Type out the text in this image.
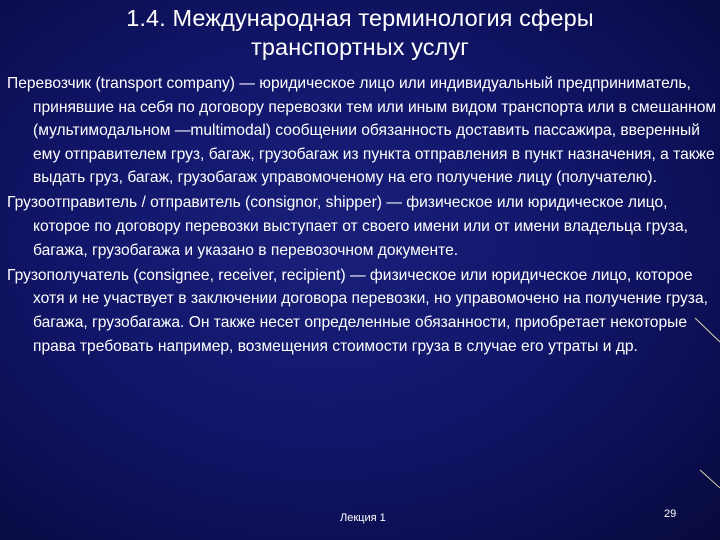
1.4. Международная терминология сферы
транспортных услуг

Перевозчик (transport company) — юридическое лицо или индивидуальный предприниматель, принявшие на себя по договору перевозки тем или иным видом транспорта или в смешанном (мультимодальном —multimodal) сообщении обязанность доставить пассажира, вверенный ему отправителем груз, багаж, грузобагаж из пункта отправления в пункт назначения, а также выдать груз, багаж, грузобагаж управомоченому на его получение лицу (получателю).

Грузоотправитель / отправитель (consignor, shipper) — физическое или юридическое лицо, которое по договору перевозки выступает от своего имени или от имени владельца груза, багажа, грузобагажа и указано в перевозочном документе.

Грузополучатель (consignee, receiver, recipient) — физическое или юридическое лицо, которое хотя и не участвует в заключении договора перевозки, но управомочено на получение груза, багажа, грузобагажа. Он также несет определенные обязанности, приобретает некоторые права требовать например, возмещения стоимости груза в случае его утраты и др.

Лекция 1	29
